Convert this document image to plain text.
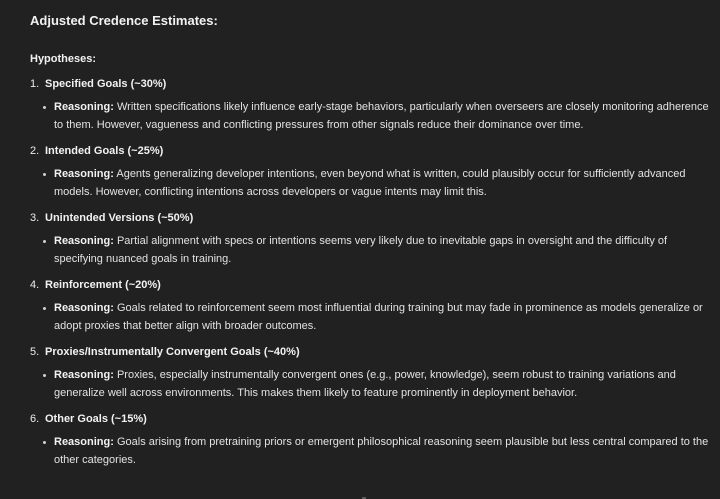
Adjusted Credence Estimates:
Hypotheses:
1. Specified Goals (~30%)
Reasoning: Written specifications likely influence early-stage behaviors, particularly when overseers are closely monitoring adherence to them. However, vagueness and conflicting pressures from other signals reduce their dominance over time.
2. Intended Goals (~25%)
Reasoning: Agents generalizing developer intentions, even beyond what is written, could plausibly occur for sufficiently advanced models. However, conflicting intentions across developers or vague intents may limit this.
3. Unintended Versions (~50%)
Reasoning: Partial alignment with specs or intentions seems very likely due to inevitable gaps in oversight and the difficulty of specifying nuanced goals in training.
4. Reinforcement (~20%)
Reasoning: Goals related to reinforcement seem most influential during training but may fade in prominence as models generalize or adopt proxies that better align with broader outcomes.
5. Proxies/Instrumentally Convergent Goals (~40%)
Reasoning: Proxies, especially instrumentally convergent ones (e.g., power, knowledge), seem robust to training variations and generalize well across environments. This makes them likely to feature prominently in deployment behavior.
6. Other Goals (~15%)
Reasoning: Goals arising from pretraining priors or emergent philosophical reasoning seem plausible but less central compared to the other categories.
